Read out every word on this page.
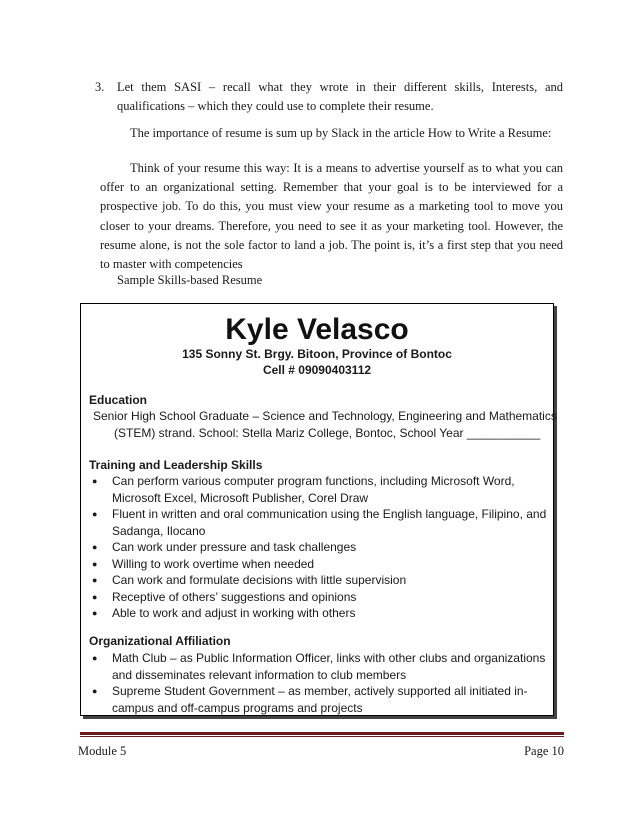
3. Let them SASI – recall what they wrote in their different skills, Interests, and qualifications – which they could use to complete their resume.
The importance of resume is sum up by Slack in the article How to Write a Resume:
Think of your resume this way: It is a means to advertise yourself as to what you can offer to an organizational setting. Remember that your goal is to be interviewed for a prospective job. To do this, you must view your resume as a marketing tool to move you closer to your dreams. Therefore, you need to see it as your marketing tool. However, the resume alone, is not the sole factor to land a job. The point is, it’s a first step that you need to master with competencies
Sample Skills-based Resume
Kyle Velasco
135 Sonny St. Brgy. Bitoon, Province of Bontoc
Cell # 09090403112
Education
Senior High School Graduate – Science and Technology, Engineering and Mathematics
(STEM) strand. School: Stella Mariz College, Bontoc, School Year ___________
Training and Leadership Skills
● Can perform various computer program functions, including Microsoft Word, Microsoft Excel, Microsoft Publisher, Corel Draw
● Fluent in written and oral communication using the English language, Filipino, and Sadanga, Ilocano
● Can work under pressure and task challenges
● Willing to work overtime when needed
● Can work and formulate decisions with little supervision
● Receptive of others’ suggestions and opinions
● Able to work and adjust in working with others
Organizational Affiliation
● Math Club – as Public Information Officer, links with other clubs and organizations and disseminates relevant information to club members
● Supreme Student Government – as member, actively supported all initiated in-campus and off-campus programs and projects
Module 5	Page 10
